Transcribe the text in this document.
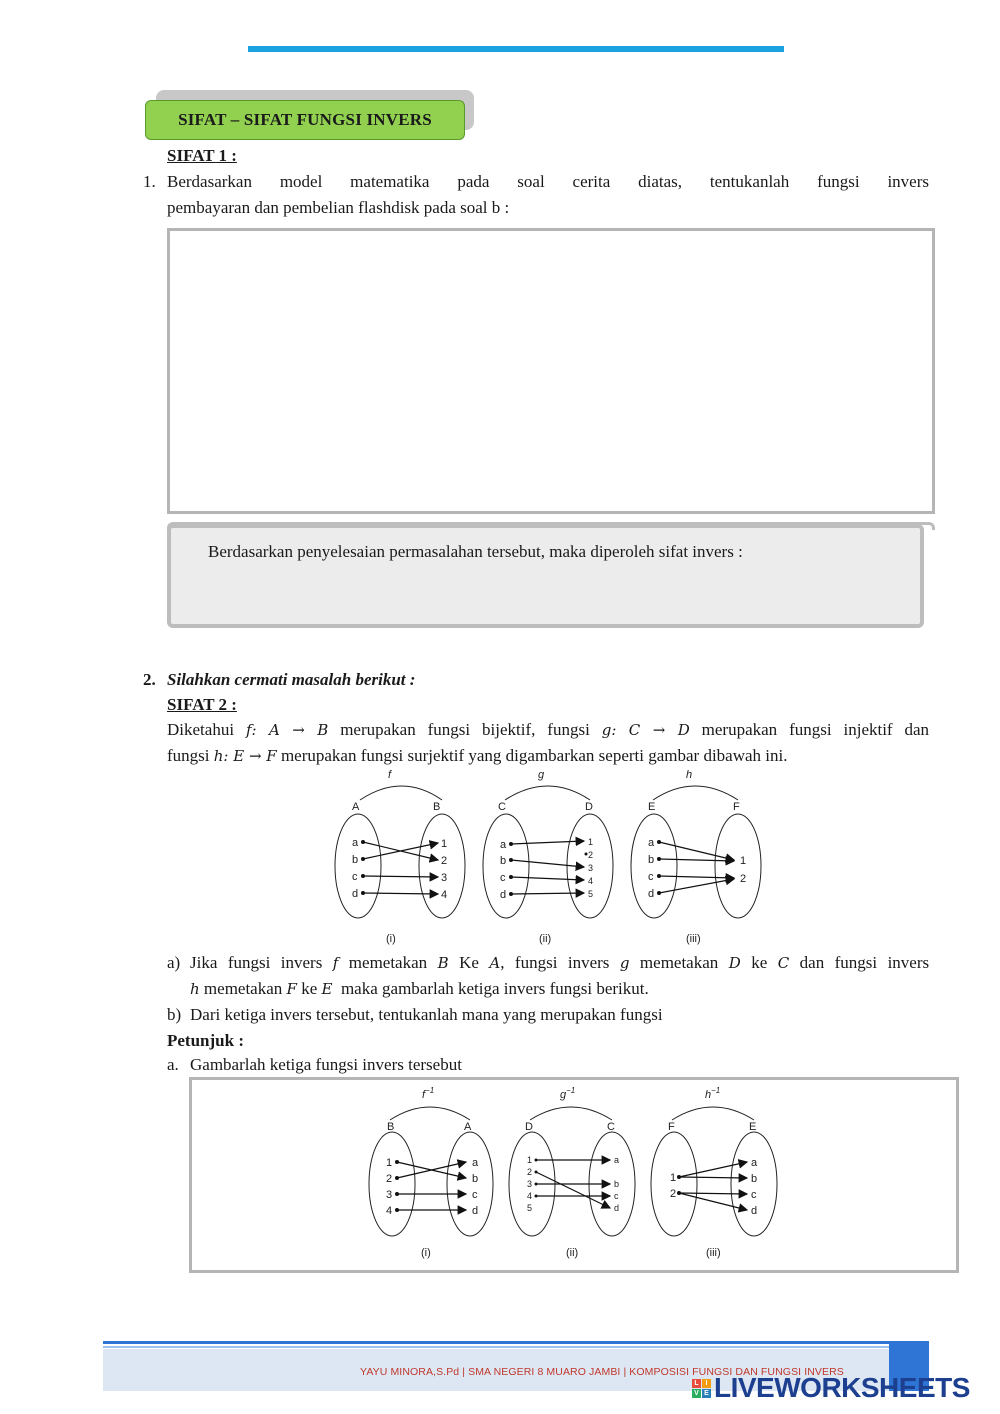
SIFAT – SIFAT FUNGSI INVERS
SIFAT 1 :
1. Berdasarkan model matematika pada soal cerita diatas, tentukanlah fungsi invers
pembayaran dan pembelian flashdisk pada soal b :
Berdasarkan penyelesaian permasalahan tersebut, maka diperoleh sifat invers :
2. Silahkan cermati masalah berikut :
SIFAT 2 :
Diketahui f: A → B merupakan fungsi bijektif, fungsi g: C → D merupakan fungsi injektif dan
fungsi h: E → F merupakan fungsi surjektif yang digambarkan seperti gambar dibawah ini.
f	g	h
A	B	C	D	E	F
a
b
c
d
1
2
3
4
a
b
c
d
1
2
3
4
5
a
b
c
d
1
2
(i)	(ii)	(iii)
a) Jika fungsi invers f memetakan B Ke A, fungsi invers g memetakan D ke C dan fungsi invers
h memetakan F ke E maka gambarlah ketiga invers fungsi berikut.
b) Dari ketiga invers tersebut, tentukanlah mana yang merupakan fungsi
Petunjuk :
a. Gambarlah ketiga fungsi invers tersebut
$f^{-1}$	$g^{-1}$	$h^{-1}$
B	A	D	C	F	E
1
2
3
4
a
b
c
d
1
2
3
4
5
a
b
c
d
1
2
a
b
c
d
(i)	(ii)	(iii)
YAYU MINORA,S.Pd | SMA NEGERI 8 MUARO JAMBI | KOMPOSISI FUNGSI DAN FUNGSI INVERS
L I
V E LIVEWORKSHEETS
